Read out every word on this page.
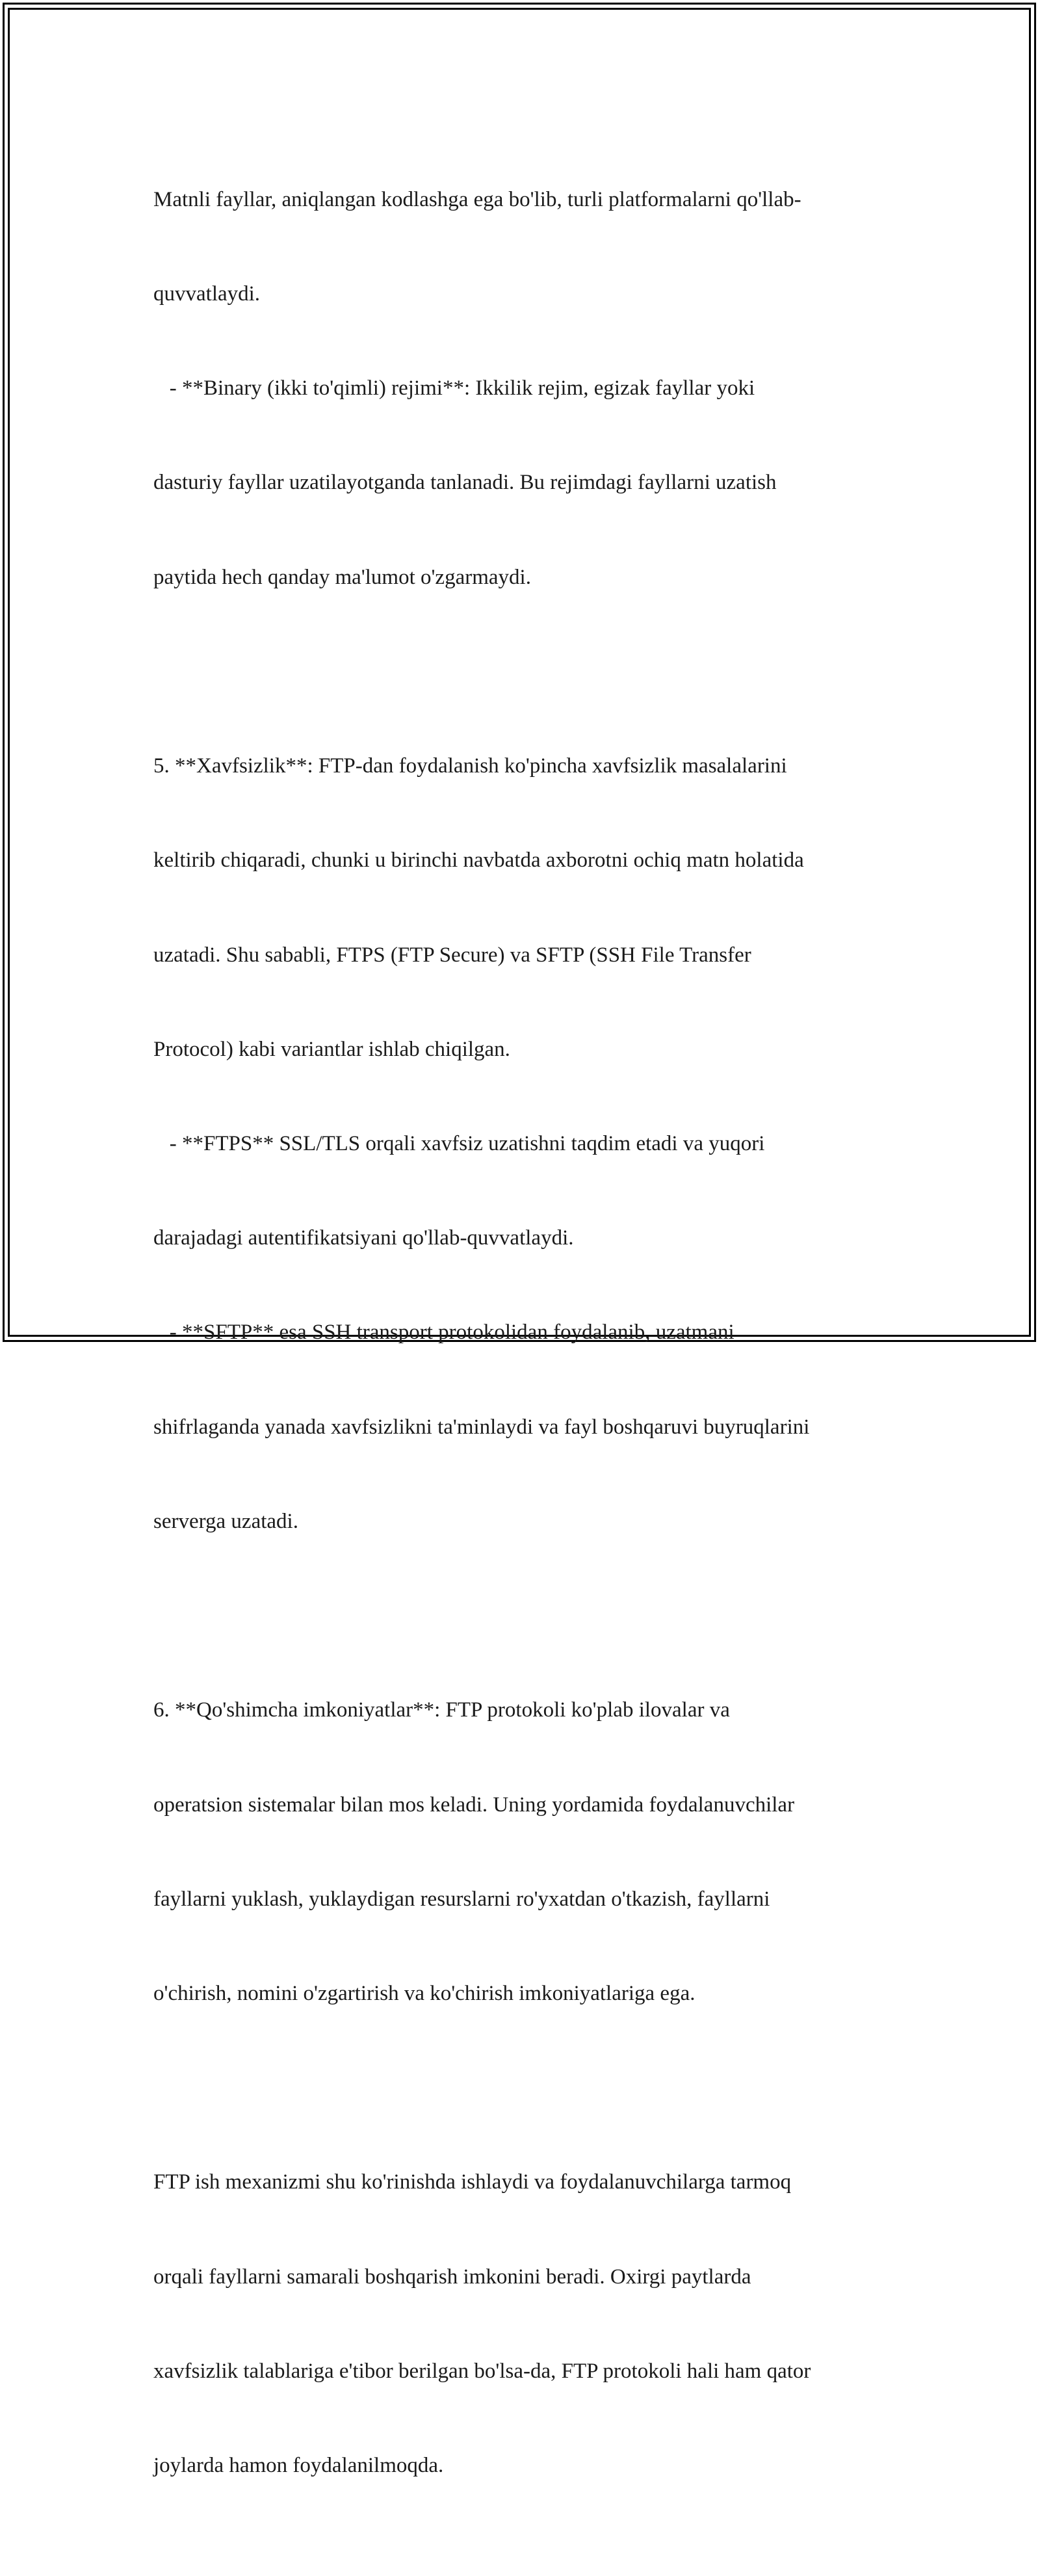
Matnli fayllar, aniqlangan kodlashga ega bo'lib, turli platformalarni qo'llab-

quvvatlaydi.

- **Binary (ikki to'qimli) rejimi**: Ikkilik rejim, egizak fayllar yoki

dasturiy fayllar uzatilayotganda tanlanadi. Bu rejimdagi fayllarni uzatish

paytida hech qanday ma'lumot o'zgarmaydi.

5. **Xavfsizlik**: FTP-dan foydalanish ko'pincha xavfsizlik masalalarini

keltirib chiqaradi, chunki u birinchi navbatda axborotni ochiq matn holatida

uzatadi. Shu sababli, FTPS (FTP Secure) va SFTP (SSH File Transfer

Protocol) kabi variantlar ishlab chiqilgan.

- **FTPS** SSL/TLS orqali xavfsiz uzatishni taqdim etadi va yuqori

darajadagi autentifikatsiyani qo'llab-quvvatlaydi.

- **SFTP** esa SSH transport protokolidan foydalanib, uzatmani

shifrlaganda yanada xavfsizlikni ta'minlaydi va fayl boshqaruvi buyruqlarini

serverga uzatadi.

6. **Qo'shimcha imkoniyatlar**: FTP protokoli ko'plab ilovalar va

operatsion sistemalar bilan mos keladi. Uning yordamida foydalanuvchilar

fayllarni yuklash, yuklaydigan resurslarni ro'yxatdan o'tkazish, fayllarni

o'chirish, nomini o'zgartirish va ko'chirish imkoniyatlariga ega.

FTP ish mexanizmi shu ko'rinishda ishlaydi va foydalanuvchilarga tarmoq

orqali fayllarni samarali boshqarish imkonini beradi. Oxirgi paytlarda

xavfsizlik talablariga e'tibor berilgan bo'lsa-da, FTP protokoli hali ham qator

joylarda hamon foydalanilmoqda.
